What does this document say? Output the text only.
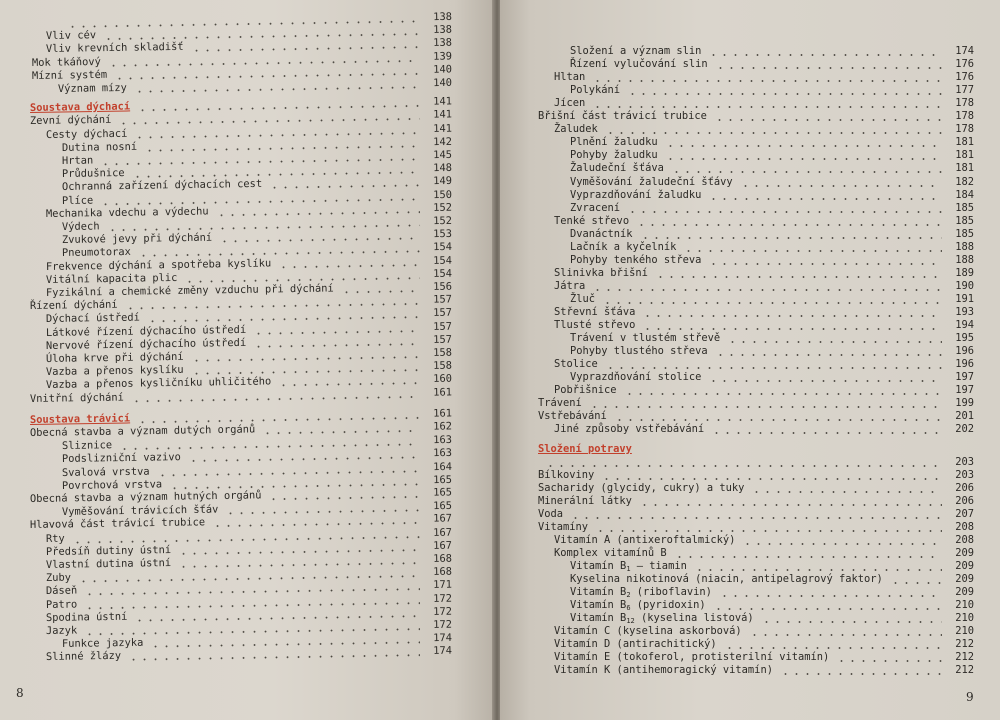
138
Vliv cév	138
Vliv krevních skladišť	138
Mok tkáňový	139
Mízní systém	140
Význam mízy	140
Soustava dýchací	141
Zevní dýchání	141
Cesty dýchací	141
Dutina nosní	142
Hrtan	145
Průdušnice	148
Ochranná zařízení dýchacích cest	149
Plíce	150
Mechanika vdechu a výdechu	152
Výdech	152
Zvukové jevy při dýchání	153
Pneumotorax	154
Frekvence dýchání a spotřeba kyslíku	154
Vitální kapacita plic	154
Fyzikální a chemické změny vzduchu při dýchání	156
Řízení dýchání	157
Dýchací ústředí	157
Látkové řízení dýchacího ústředí	157
Nervové řízení dýchacího ústředí	157
Úloha krve při dýchání	158
Vazba a přenos kyslíku	158
Vazba a přenos kysličníku uhličitého	160
Vnitřní dýchání	161
Soustava trávicí	161
Obecná stavba a význam dutých orgánů	162
Sliznice	163
Podslizniční vazivo	163
Svalová vrstva	164
Povrchová vrstva	165
Obecná stavba a význam hutných orgánů	165
Vyměšování trávicích šťáv	165
Hlavová část trávicí trubice	167
Rty	167
Předsíň dutiny ústní	167
Vlastní dutina ústní	168
Zuby	168
Dáseň	171
Patro	172
Spodina ústní	172
Jazyk	172
Funkce jazyka	174
Slinné žlázy	174
8
Složení a význam slin	174
Řízení vylučování slin	176
Hltan	176
Polykání	177
Jícen	178
Břišní část trávicí trubice	178
Žaludek	178
Plnění žaludku	181
Pohyby žaludku	181
Žaludeční šťáva	181
Vyměšování žaludeční šťávy	182
Vyprazdňování žaludku	184
Zvracení	185
Tenké střevo	185
Dvanáctník	185
Lačník a kyčelník	188
Pohyby tenkého střeva	188
Slinivka břišní	189
Játra	190
Žluč	191
Střevní šťáva	193
Tlusté střevo	194
Trávení v tlustém střevě	195
Pohyby tlustého střeva	196
Stolice	196
Vyprazdňování stolice	197
Pobřišnice	197
Trávení	199
Vstřebávání	201
Jiné způsoby vstřebávání	202
Složení potravy
203
Bílkoviny	203
Sacharidy (glycidy, cukry) a tuky	206
Minerální látky	206
Voda	207
Vitamíny	208
Vitamín A (antixeroftalmický)	208
Komplex vitamínů B	209
Vitamín $B_1$ — tiamin	209
Kyselina nikotinová (niacin, antipelagrový faktor)	209
Vitamín $B_2$ (riboflavin)	209
Vitamín $B_6$ (pyridoxin)	210
Vitamín $B_{12}$ (kyselina listová)	210
Vitamín C (kyselina askorbová)	210
Vitamín D (antirachitický)	212
Vitamín E (tokoferol, protisterilní vitamín)	212
Vitamín K (antihemoragický vitamín)	212
9
